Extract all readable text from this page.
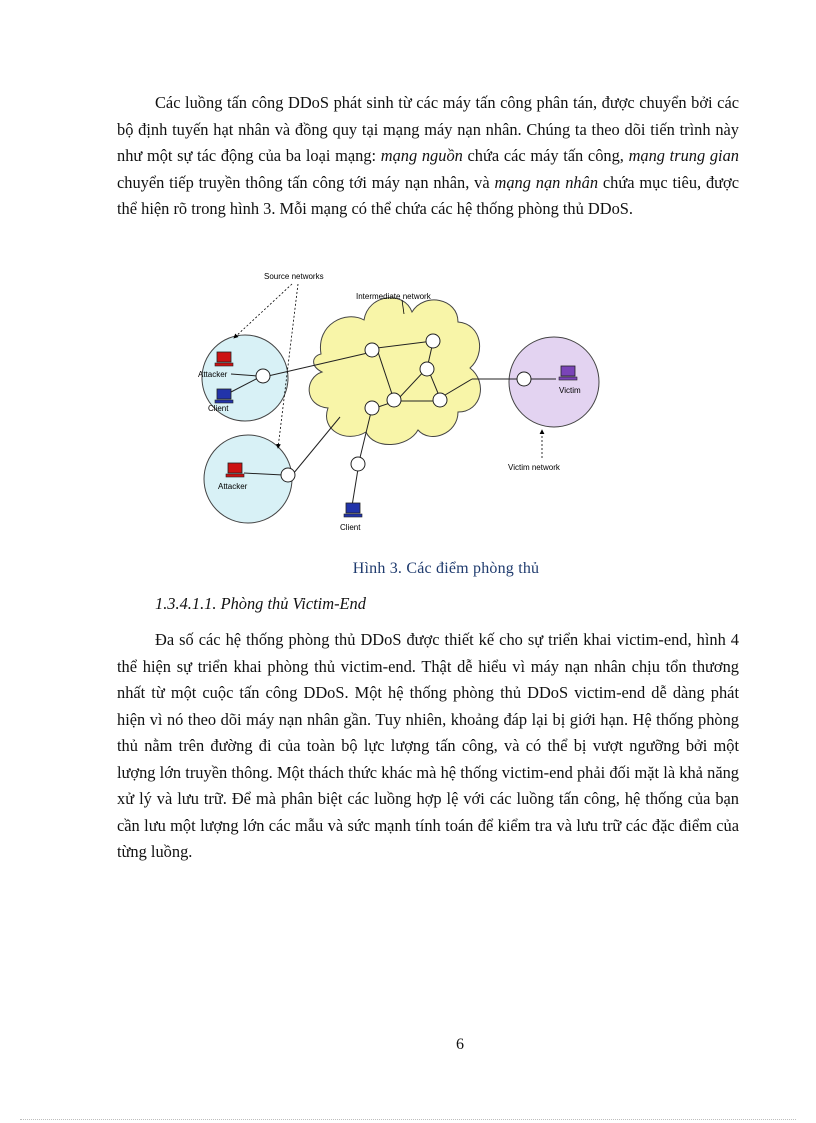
Các luồng tấn công DDoS phát sinh từ các máy tấn công phân tán, được chuyển bởi các bộ định tuyến hạt nhân và đồng quy tại mạng máy nạn nhân. Chúng ta theo dõi tiến trình này như một sự tác động của ba loại mạng: mạng nguồn chứa các máy tấn công, mạng trung gian chuyển tiếp truyền thông tấn công tới máy nạn nhân, và mạng nạn nhân chứa mục tiêu, được thể hiện rõ trong hình 3. Mỗi mạng có thể chứa các hệ thống phòng thủ DDoS.

Source networks
Intermediate network
Victim network
Attacker
Client
Attacker
Client
Victim
Hình 3. Các điểm phòng thủ
1.3.4.1.1. Phòng thủ Victim-End

Đa số các hệ thống phòng thủ DDoS được thiết kế cho sự triển khai victim-end, hình 4 thể hiện sự triển khai phòng thủ victim-end. Thật dễ hiểu vì máy nạn nhân chịu tổn thương nhất từ một cuộc tấn công DDoS. Một hệ thống phòng thủ DDoS victim-end dễ dàng phát hiện vì nó theo dõi máy nạn nhân gần. Tuy nhiên, khoảng đáp lại bị giới hạn. Hệ thống phòng thủ nằm trên đường đi của toàn bộ lực lượng tấn công, và có thể bị vượt ngưỡng bởi một lượng lớn truyền thông. Một thách thức khác mà hệ thống victim-end phải đối mặt là khả năng xử lý và lưu trữ. Để mà phân biệt các luồng hợp lệ với các luồng tấn công, hệ thống của bạn cần lưu một lượng lớn các mẫu và sức mạnh tính toán để kiểm tra và lưu trữ các đặc điểm của từng luồng.

6
